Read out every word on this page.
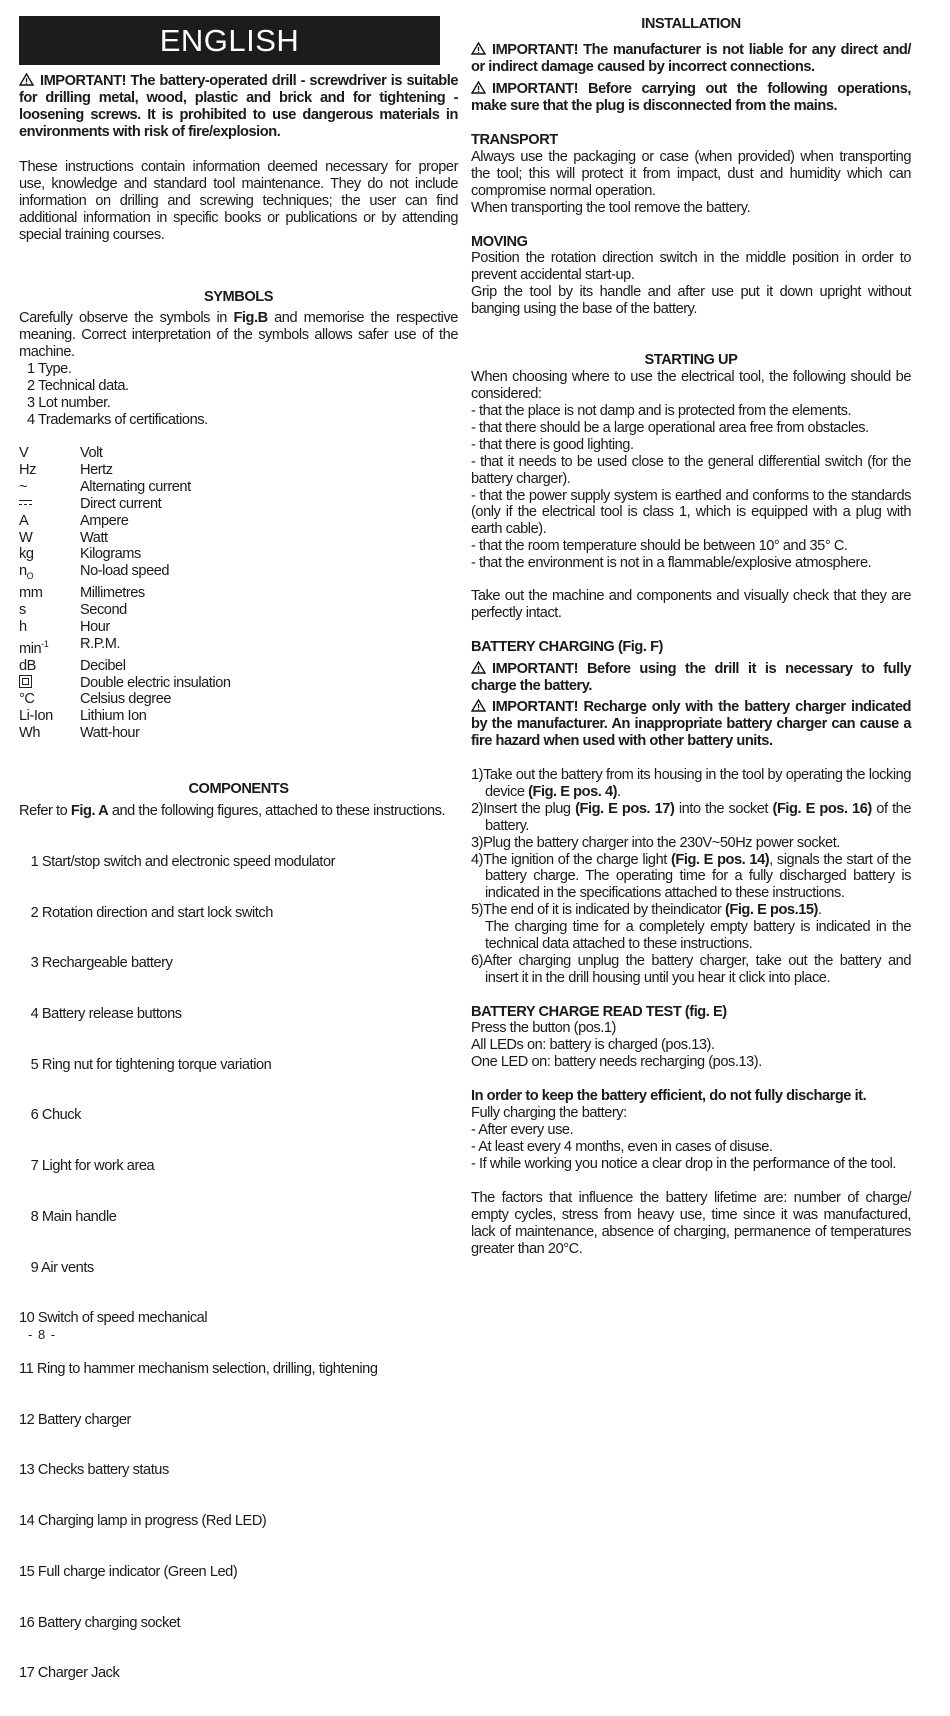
ENGLISH
IMPORTANT! The battery-operated drill - screwdriver is suitable for drilling metal, wood, plastic and brick and for tightening - loosening screws. It is prohibited to use dangerous materials in environments with risk of fire/explosion.
These instructions contain information deemed necessary for proper use, knowledge and standard tool maintenance. They do not include information on drilling and screwing techniques; the user can find additional information in specific books or publications or by attending special training courses.
SYMBOLS
Carefully observe the symbols in Fig.B and memorise the respective meaning. Correct interpretation of the symbols allows safer use of the machine.
1 Type.
2 Technical data.
3 Lot number.
4 Trademarks of certifications.
V	Volt
Hz	Hertz
~	Alternating current
Direct current
A	Ampere
W	Watt
kg	Kilograms
$n_O$	No-load speed
mm	Millimetres
s	Second
h	Hour
$\min^{-1}$	R.P.M.
dB	Decibel
Double electric insulation
°C	Celsius degree
Li-Ion	Lithium Ion
Wh	Watt-hour
COMPONENTS
Refer to Fig. A and the following figures, attached to these instructions.

1 Start/stop switch and electronic speed modulator

2 Rotation direction and start lock switch

3 Rechargeable battery

4 Battery release buttons

5 Ring nut for tightening torque variation

6 Chuck

7 Light for work area

8 Main handle

9 Air vents

10 Switch of speed mechanical

11 Ring to hammer mechanism selection, drilling, tightening

12 Battery charger

13 Checks battery status

14 Charging lamp in progress (Red LED)

15 Full charge indicator (Green Led)

16 Battery charging socket

17 Charger Jack

INSTALLATION
IMPORTANT! The manufacturer is not liable for any direct and/ or indirect damage caused by incorrect connections.
IMPORTANT! Before carrying out the following operations, make sure that the plug is disconnected from the mains.
TRANSPORT
Always use the packaging or case (when provided) when transporting the tool; this will protect it from impact, dust and humidity which can compromise normal operation.
When transporting the tool remove the battery.
MOVING
Position the rotation direction switch in the middle position in order to prevent accidental start-up.
Grip the tool by its handle and after use put it down upright without banging using the base of the battery.
STARTING UP
When choosing where to use the electrical tool, the following should be considered:
- that the place is not damp and is protected from the elements.
- that there should be a large operational area free from obstacles.
- that there is good lighting.
- that it needs to be used close to the general differential switch (for the battery charger).
- that the power supply system is earthed and conforms to the standards (only if the electrical tool is class 1, which is equipped with a plug with earth cable).
- that the room temperature should be between 10° and 35° C.
- that the environment is not in a flammable/explosive atmosphere.
Take out the machine and components and visually check that they are perfectly intact.
BATTERY CHARGING (Fig. F)
IMPORTANT! Before using the drill it is necessary to fully charge the battery.
IMPORTANT! Recharge only with the battery charger indicated by the manufacturer. An inappropriate battery charger can cause a fire hazard when used with other battery units.
1)Take out the battery from its housing in the tool by operating the locking device (Fig. E pos. 4).
2)Insert the plug (Fig. E pos. 17) into the socket (Fig. E pos. 16) of the battery.
3)Plug the battery charger into the 230V~50Hz power socket.
4)The ignition of the charge light (Fig. E pos. 14), signals the start of the battery charge. The operating time for a fully discharged battery is indicated in the specifications attached to these instructions.
5)The end of it is indicated by theindicator (Fig. E pos.15).
The charging time for a completely empty battery is indicated in the technical data attached to these instructions.
6)After charging unplug the battery charger, take out the battery and insert it in the drill housing until you hear it click into place.
BATTERY CHARGE READ TEST (fig. E)
Press the button (pos.1)
All LEDs on: battery is charged (pos.13).
One LED on: battery needs recharging (pos.13).
In order to keep the battery efficient, do not fully discharge it.
Fully charging the battery:
- After every use.
- At least every 4 months, even in cases of disuse.
- If while working you notice a clear drop in the performance of the tool.
The factors that influence the battery lifetime are: number of charge/ empty cycles, stress from heavy use, time since it was manufactured, lack of maintenance, absence of charging, permanence of temperatures greater than 20°C.
- 8 -
